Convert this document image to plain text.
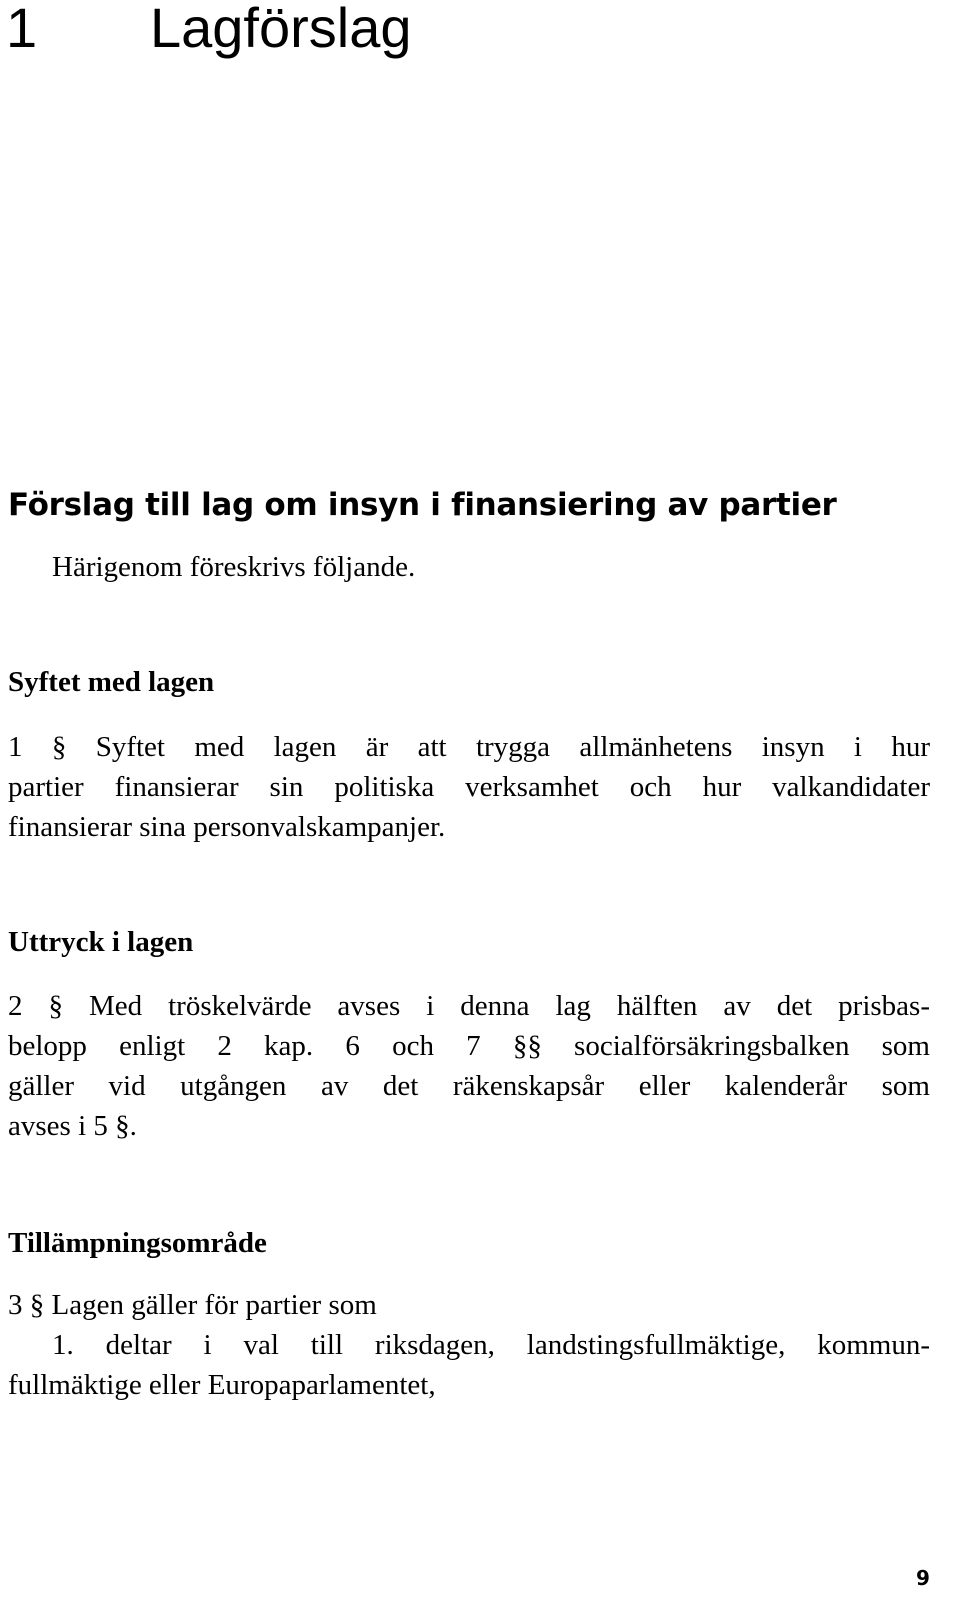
1 Lagförslag
Förslag till lag om insyn i finansiering av partier
Härigenom föreskrivs följande.
Syftet med lagen
1 § Syftet med lagen är att trygga allmänhetens insyn i hur
partier finansierar sin politiska verksamhet och hur valkandidater
finansierar sina personvalskampanjer.
Uttryck i lagen
2 § Med tröskelvärde avses i denna lag hälften av det prisbas-
belopp enligt 2 kap. 6 och 7 §§ socialförsäkringsbalken som
gäller vid utgången av det räkenskapsår eller kalenderår som
avses i 5 §.
Tillämpningsområde
3 § Lagen gäller för partier som
1. deltar i val till riksdagen, landstingsfullmäktige, kommun-
fullmäktige eller Europaparlamentet,
9
